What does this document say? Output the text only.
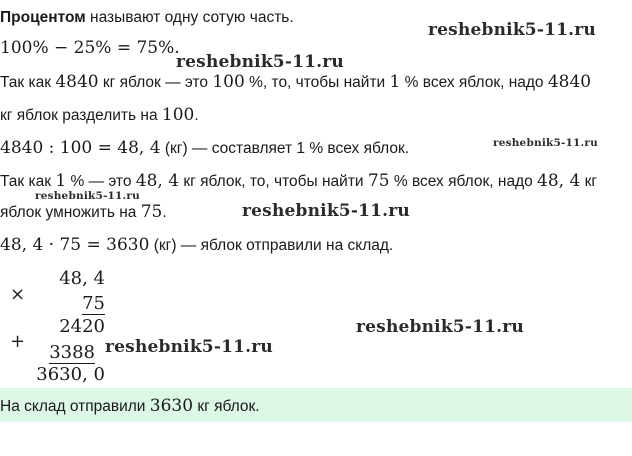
Процентом называют одну сотую часть.
100% − 25% = 75%.
Так как 4840 кг яблок — это 100 %, то, чтобы найти 1 % всех яблок, надо 4840
кг яблок разделить на 100.
4840 : 100 = 48, 4 (кг) — составляет 1 % всех яблок.
Так как 1 % — это 48, 4 кг яблок, то, чтобы найти 75 % всех яблок, надо 48, 4 кг
яблок умножить на 75.
48, 4 · 75 = 3630 (кг) — яблок отправили на склад.
×
+
48, 4
75
2420
3388
3630, 0
На склад отправили 3630 кг яблок.
reshebnik5-11.ru
reshebnik5-11.ru
reshebnik5-11.ru
reshebnik5-11.ru
reshebnik5-11.ru
reshebnik5-11.ru
reshebnik5-11.ru
